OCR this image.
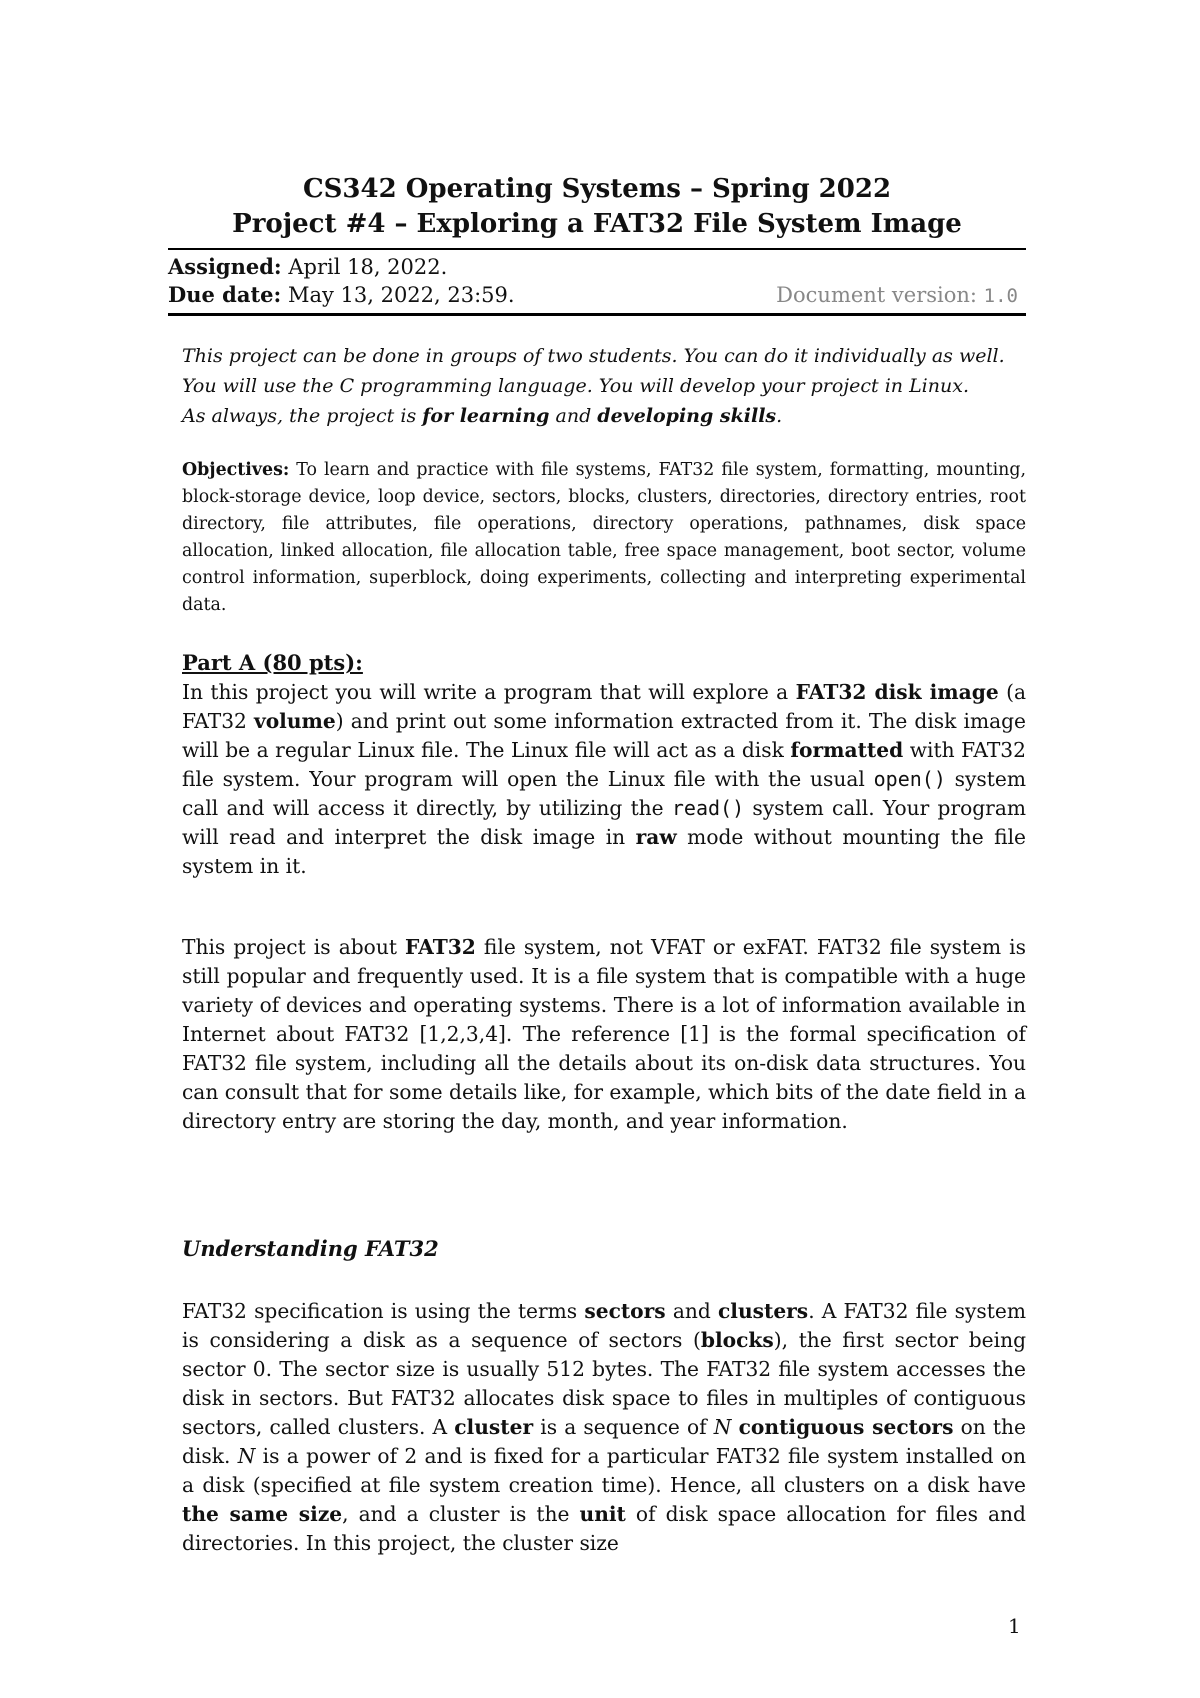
CS342 Operating Systems – Spring 2022
Project #4 – Exploring a FAT32 File System Image
Assigned: April 18, 2022.
Due date: May 13, 2022, 23:59.	Document version: 1.0

This project can be done in groups of two students. You can do it individually as well.
You will use the C programming language. You will develop your project in Linux.
As always, the project is for learning and developing skills.

Objectives: To learn and practice with file systems, FAT32 file system, formatting, mounting, block-storage device, loop device, sectors, blocks, clusters, directories, directory entries, root directory, file attributes, file operations, directory operations, pathnames, disk space allocation, linked allocation, file allocation table, free space management, boot sector, volume control information, superblock, doing experiments, collecting and interpreting experimental data.

Part A (80 pts):

In this project you will write a program that will explore a FAT32 disk image (a FAT32 volume) and print out some information extracted from it. The disk image will be a regular Linux file. The Linux file will act as a disk formatted with FAT32 file system. Your program will open the Linux file with the usual open() system call and will access it directly, by utilizing the read() system call. Your program will read and interpret the disk image in raw mode without mounting the file system in it.

This project is about FAT32 file system, not VFAT or exFAT. FAT32 file system is still popular and frequently used. It is a file system that is compatible with a huge variety of devices and operating systems. There is a lot of information available in Internet about FAT32 [1,2,3,4]. The reference [1] is the formal specification of FAT32 file system, including all the details about its on-disk data structures. You can consult that for some details like, for example, which bits of the date field in a directory entry are storing the day, month, and year information.

Understanding FAT32

FAT32 specification is using the terms sectors and clusters. A FAT32 file system is considering a disk as a sequence of sectors (blocks), the first sector being sector 0. The sector size is usually 512 bytes. The FAT32 file system accesses the disk in sectors. But FAT32 allocates disk space to files in multiples of contiguous sectors, called clusters. A cluster is a sequence of N contiguous sectors on the disk. N is a power of 2 and is fixed for a particular FAT32 file system installed on a disk (specified at file system creation time). Hence, all clusters on a disk have the same size, and a cluster is the unit of disk space allocation for files and directories. In this project, the cluster size

1
